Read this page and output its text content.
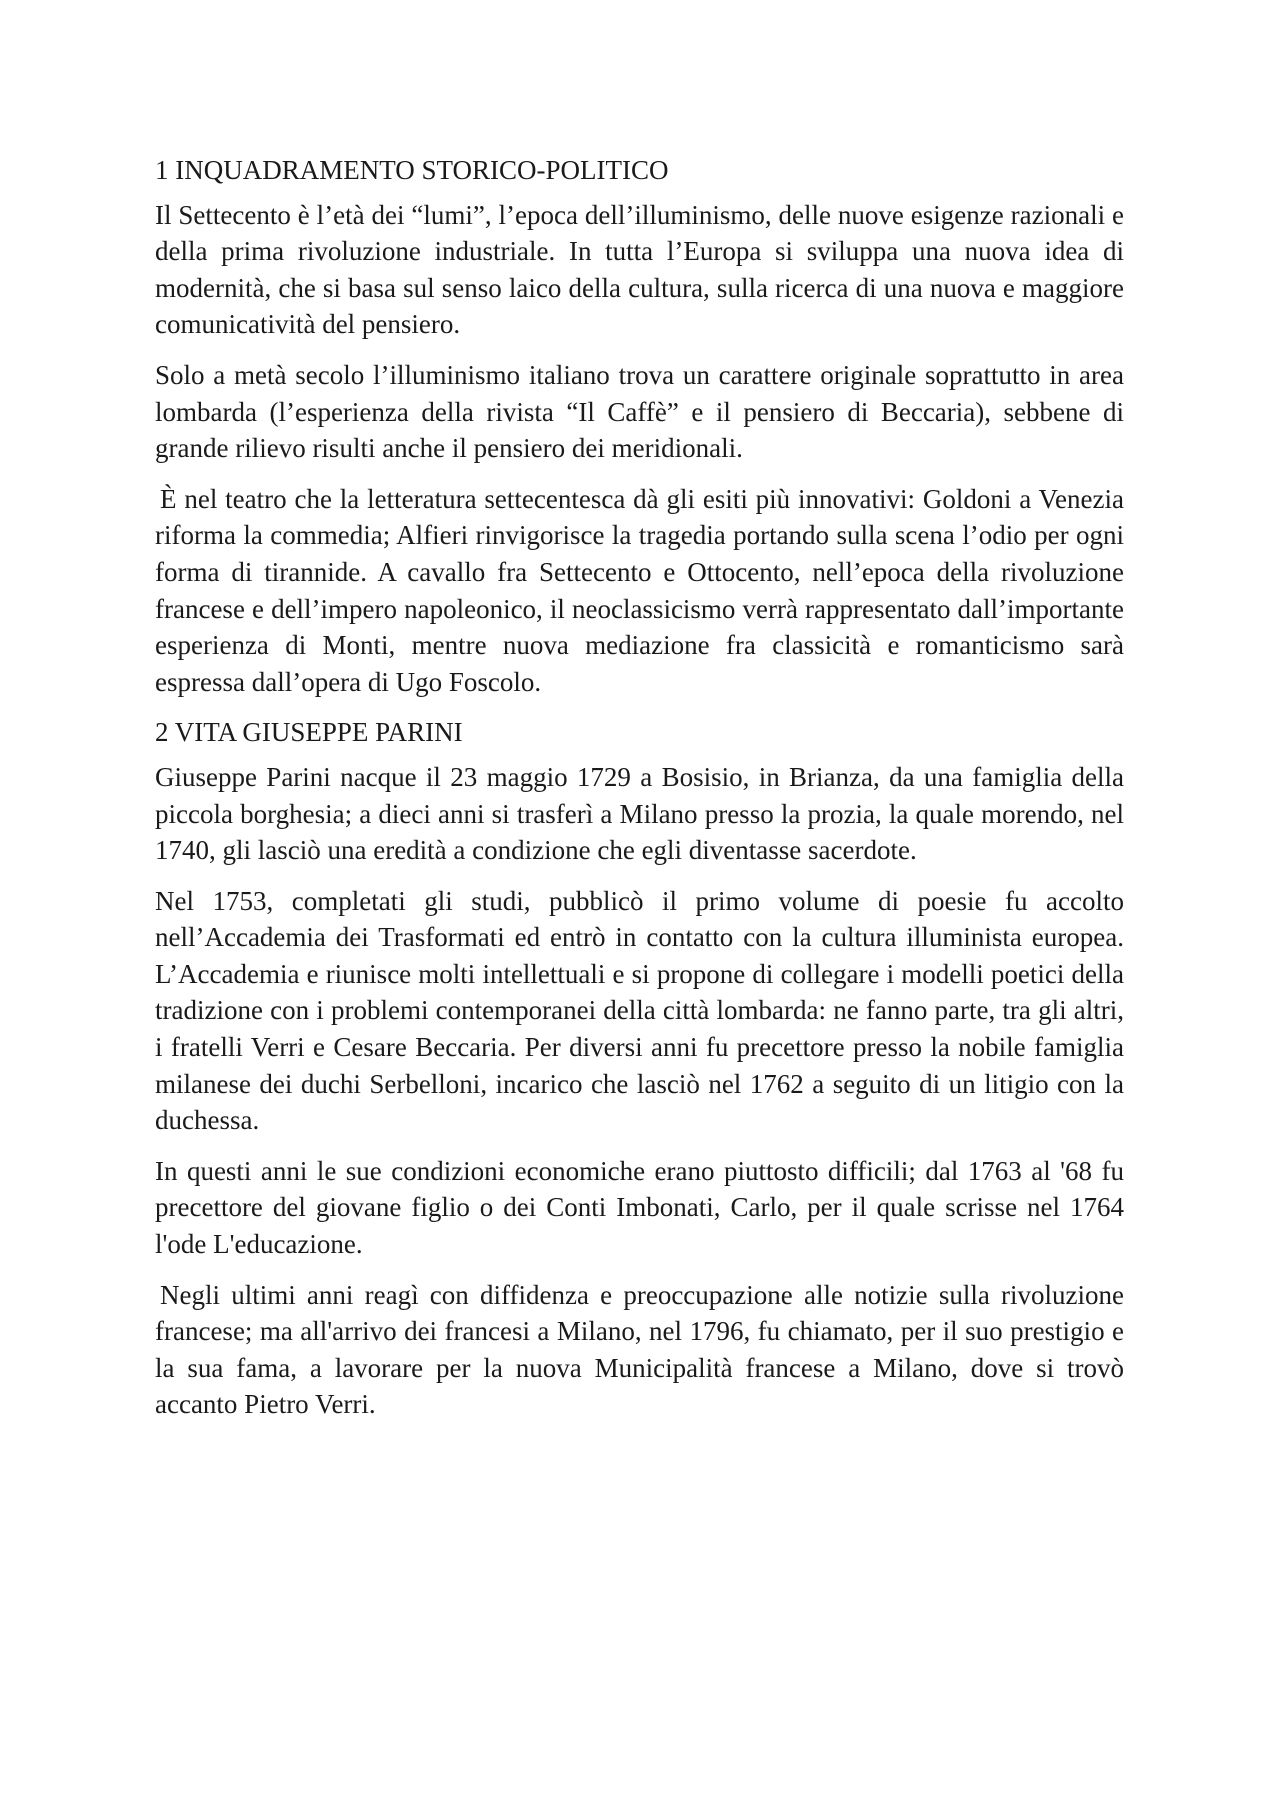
1 INQUADRAMENTO STORICO-POLITICO

Il Settecento è l’età dei “lumi”, l’epoca dell’illuminismo, delle nuove esigenze razionali e della prima rivoluzione industriale. In tutta l’Europa si sviluppa una nuova idea di modernità, che si basa sul senso laico della cultura, sulla ricerca di una nuova e maggiore comunicatività del pensiero.

Solo a metà secolo l’illuminismo italiano trova un carattere originale soprattutto in area lombarda (l’esperienza della rivista “Il Caffè” e il pensiero di Beccaria), sebbene di grande rilievo risulti anche il pensiero dei meridionali.

È nel teatro che la letteratura settecentesca dà gli esiti più innovativi: Goldoni a Venezia riforma la commedia; Alfieri rinvigorisce la tragedia portando sulla scena l’odio per ogni forma di tirannide. A cavallo fra Settecento e Ottocento, nell’epoca della rivoluzione francese e dell’impero napoleonico, il neoclassicismo verrà rappresentato dall’importante esperienza di Monti, mentre nuova mediazione fra classicità e romanticismo sarà espressa dall’opera di Ugo Foscolo.

2 VITA GIUSEPPE PARINI

Giuseppe Parini nacque il 23 maggio 1729 a Bosisio, in Brianza, da una famiglia della piccola borghesia; a dieci anni si trasferì a Milano presso la prozia, la quale morendo, nel 1740, gli lasciò una eredità a condizione che egli diventasse sacerdote.

Nel 1753, completati gli studi, pubblicò il primo volume di poesie fu accolto nell’Accademia dei Trasformati ed entrò in contatto con la cultura illuminista europea. L’Accademia e riunisce molti intellettuali e si propone di collegare i modelli poetici della tradizione con i problemi contemporanei della città lombarda: ne fanno parte, tra gli altri, i fratelli Verri e Cesare Beccaria. Per diversi anni fu precettore presso la nobile famiglia milanese dei duchi Serbelloni, incarico che lasciò nel 1762 a seguito di un litigio con la duchessa.

In questi anni le sue condizioni economiche erano piuttosto difficili; dal 1763 al '68 fu precettore del giovane figlio o dei Conti Imbonati, Carlo, per il quale scrisse nel 1764 l'ode L'educazione.

Negli ultimi anni reagì con diffidenza e preoccupazione alle notizie sulla rivoluzione francese; ma all'arrivo dei francesi a Milano, nel 1796, fu chiamato, per il suo prestigio e la sua fama, a lavorare per la nuova Municipalità francese a Milano, dove si trovò accanto Pietro Verri.
